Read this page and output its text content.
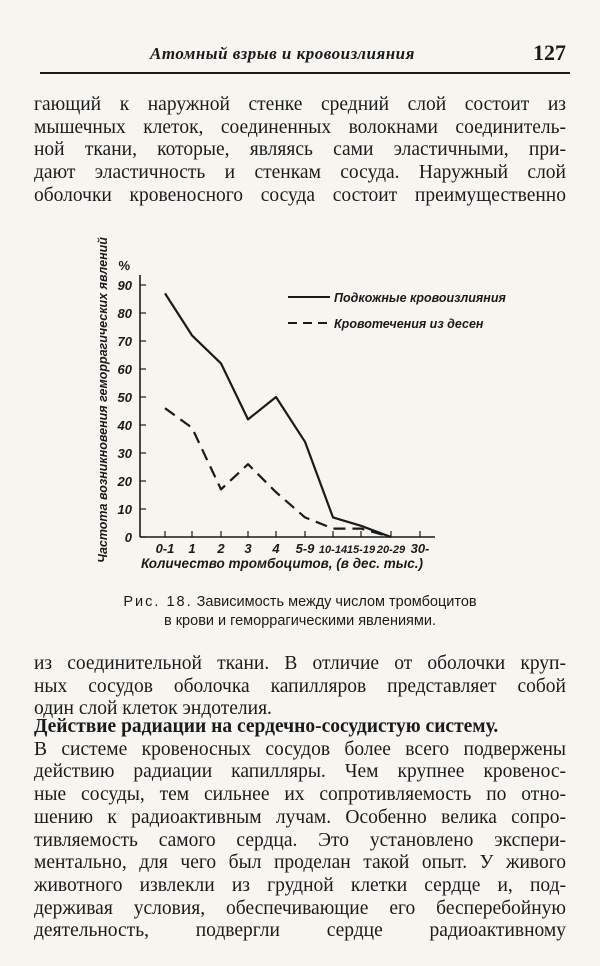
Атомный взрыв и кровоизлияния	127
гающий к наружной стенке средний слой состоит из
мышечных клеток, соединенных волокнами соединитель-
ной ткани, которые, являясь сами эластичными, при-
дают эластичность и стенкам сосуда. Наружный слой
оболочки кровеносного сосуда состоит преимущественно
0
10
20
30
40
50
60
70
80
90
%
0-1 1 2 3 4 5-9 10-14 15-19 20-29 30-
Подкожные кровоизлияния
Кровотечения из десен
Количество тромбоцитов, (в дес. тыс.)
Частота возникновения геморрагических явлений
Рис. 18. Зависимость между числом тромбоцитов
в крови и геморрагическими явлениями.
из соединительной ткани. В отличие от оболочки круп-
ных сосудов оболочка капилляров представляет собой
один слой клеток эндотелия.
Действие радиации на сердечно-сосудистую систему.
В системе кровеносных сосудов более всего подвержены
действию радиации капилляры. Чем крупнее кровенос-
ные сосуды, тем сильнее их сопротивляемость по отно-
шению к радиоактивным лучам. Особенно велика сопро-
тивляемость самого сердца. Это установлено экспери-
ментально, для чего был проделан такой опыт. У живого
животного извлекли из грудной клетки сердце и, под-
держивая условия, обеспечивающие его бесперебойную
деятельность, подвергли сердце радиоактивному
